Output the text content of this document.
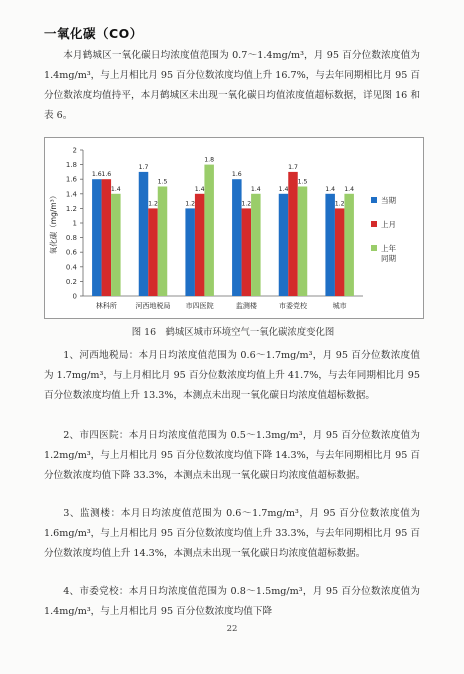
一氧化碳（CO）

本月鹤城区一氧化碳日均浓度值范围为 0.7～1.4mg/m³，月 95 百分位数浓度值为 1.4mg/m³，与上月相比月 95 百分位数浓度均值上升 16.7%，与去年同期相比月 95 百分位数浓度均值持平，本月鹤城区未出现一氧化碳日均值浓度值超标数据，详见图 16 和表 6。

0
0.2
0.4
0.6
0.8
1
1.2
1.4
1.6
1.8
2
氧化碳（mg/m³）
1.6 1.6
1.4
林科所
1.7
1.2
1.5
河西地税局
1.2
1.4
1.8
市四医院
1.6
1.2
1.4
监测楼
1.4
1.7
1.5
市委党校
1.4
1.2
1.4
城市
当期
上月
上年
同期
图 16　鹤城区城市环境空气一氧化碳浓度变化图

1、河西地税局：本月日均浓度值范围为 0.6～1.7mg/m³，月 95 百分位数浓度值为 1.7mg/m³，与上月相比月 95 百分位数浓度均值上升 41.7%，与去年同期相比月 95 百分位数浓度均值上升 13.3%，本测点未出现一氧化碳日均浓度值超标数据。

2、市四医院：本月日均浓度值范围为 0.5～1.3mg/m³，月 95 百分位数浓度值为 1.2mg/m³，与上月相比月 95 百分位数浓度均值下降 14.3%，与去年同期相比月 95 百分位数浓度均值下降 33.3%，本测点未出现一氧化碳日均浓度值超标数据。

3、监测楼：本月日均浓度值范围为 0.6～1.7mg/m³，月 95 百分位数浓度值为 1.6mg/m³，与上月相比月 95 百分位数浓度均值上升 33.3%，与去年同期相比月 95 百分位数浓度均值上升 14.3%，本测点未出现一氧化碳日均浓度值超标数据。

4、市委党校：本月日均浓度值范围为 0.8～1.5mg/m³，月 95 百分位数浓度值为 1.4mg/m³，与上月相比月 95 百分位数浓度均值下降

22
